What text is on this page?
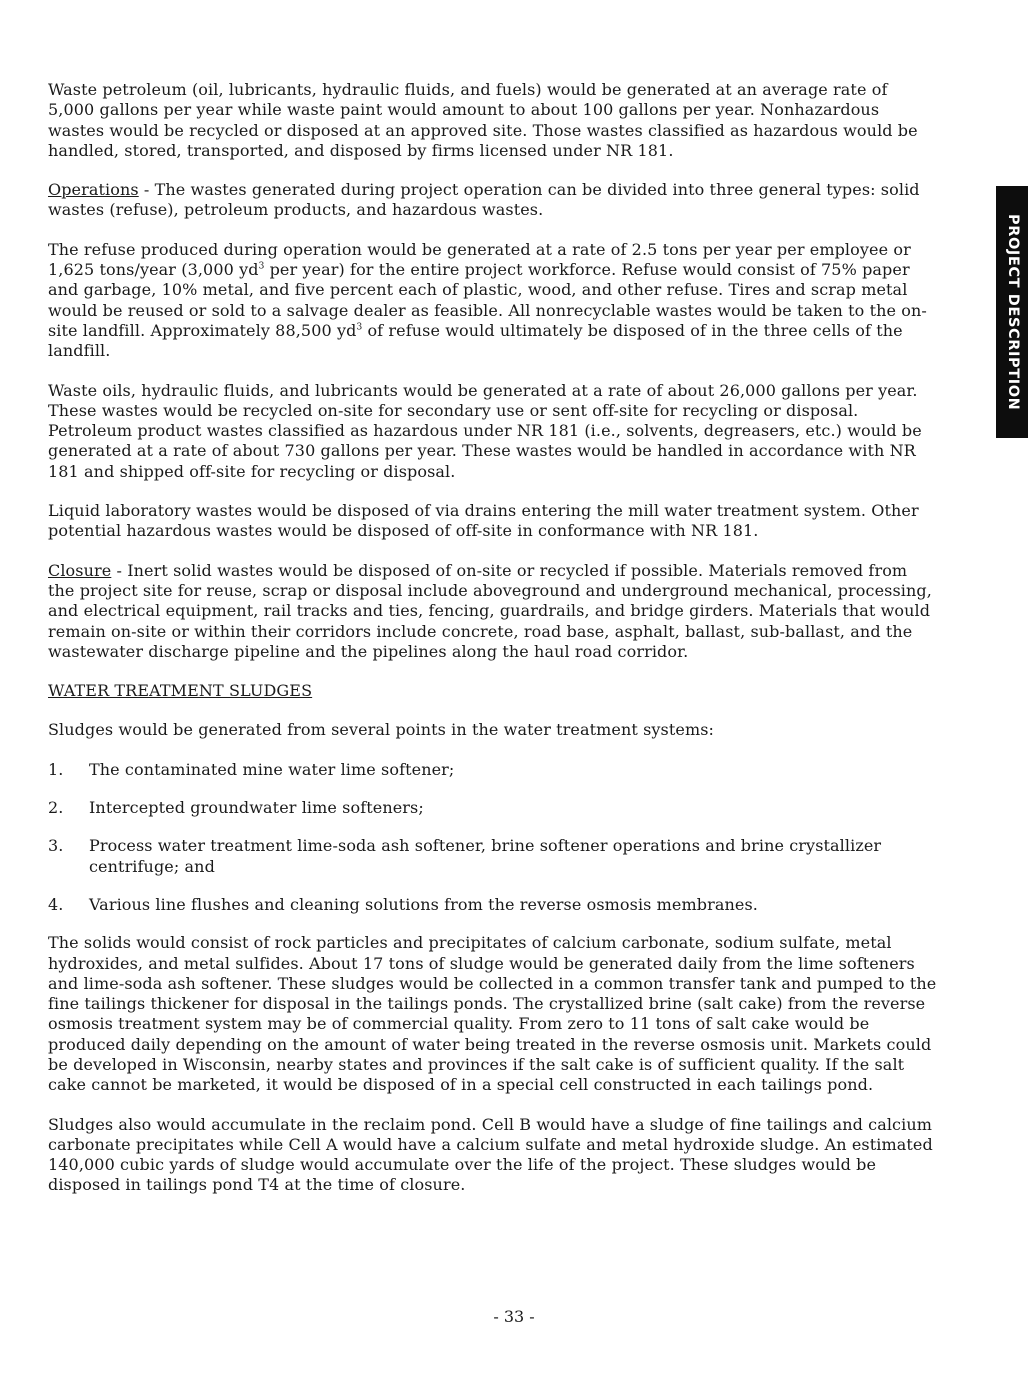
Waste petroleum (oil, lubricants, hydraulic fluids, and fuels) would be generated at an average rate of 5,000 gallons per year while waste paint would amount to about 100 gallons per year. Nonhazardous wastes would be recycled or disposed at an approved site. Those wastes classified as hazardous would be handled, stored, transported, and disposed by firms licensed under NR 181.

Operations - The wastes generated during project operation can be divided into three general types: solid wastes (refuse), petroleum products, and hazardous wastes.

The refuse produced during operation would be generated at a rate of 2.5 tons per year per employee or 1,625 tons/year (3,000 $yd^3$ per year) for the entire project workforce. Refuse would consist of 75% paper and garbage, 10% metal, and five percent each of plastic, wood, and other refuse. Tires and scrap metal would be reused or sold to a salvage dealer as feasible. All nonrecyclable wastes would be taken to the on-site landfill. Approximately 88,500 $yd^3$ of refuse would ultimately be disposed of in the three cells of the landfill.

Waste oils, hydraulic fluids, and lubricants would be generated at a rate of about 26,000 gallons per year. These wastes would be recycled on-site for secondary use or sent off-site for recycling or disposal. Petroleum product wastes classified as hazardous under NR 181 (i.e., solvents, degreasers, etc.) would be generated at a rate of about 730 gallons per year. These wastes would be handled in accordance with NR 181 and shipped off-site for recycling or disposal.

Liquid laboratory wastes would be disposed of via drains entering the mill water treatment system. Other potential hazardous wastes would be disposed of off-site in conformance with NR 181.

Closure - Inert solid wastes would be disposed of on-site or recycled if possible. Materials removed from the project site for reuse, scrap or disposal include aboveground and underground mechanical, processing, and electrical equipment, rail tracks and ties, fencing, guardrails, and bridge girders. Materials that would remain on-site or within their corridors include concrete, road base, asphalt, ballast, sub-ballast, and the wastewater discharge pipeline and the pipelines along the haul road corridor.

WATER TREATMENT SLUDGES

Sludges would be generated from several points in the water treatment systems:

1.	The contaminated mine water lime softener;

2.	Intercepted groundwater lime softeners;

3.	Process water treatment lime-soda ash softener, brine softener operations and brine crystallizer centrifuge; and

4.	Various line flushes and cleaning solutions from the reverse osmosis membranes.

The solids would consist of rock particles and precipitates of calcium carbonate, sodium sulfate, metal hydroxides, and metal sulfides. About 17 tons of sludge would be generated daily from the lime softeners and lime-soda ash softener. These sludges would be collected in a common transfer tank and pumped to the fine tailings thickener for disposal in the tailings ponds. The crystallized brine (salt cake) from the reverse osmosis treatment system may be of commercial quality. From zero to 11 tons of salt cake would be produced daily depending on the amount of water being treated in the reverse osmosis unit. Markets could be developed in Wisconsin, nearby states and provinces if the salt cake is of sufficient quality. If the salt cake cannot be marketed, it would be disposed of in a special cell constructed in each tailings pond.

Sludges also would accumulate in the reclaim pond. Cell B would have a sludge of fine tailings and calcium carbonate precipitates while Cell A would have a calcium sulfate and metal hydroxide sludge. An estimated 140,000 cubic yards of sludge would accumulate over the life of the project. These sludges would be disposed in tailings pond T4 at the time of closure.

PROJECT DESCRIPTION
- 33 -
